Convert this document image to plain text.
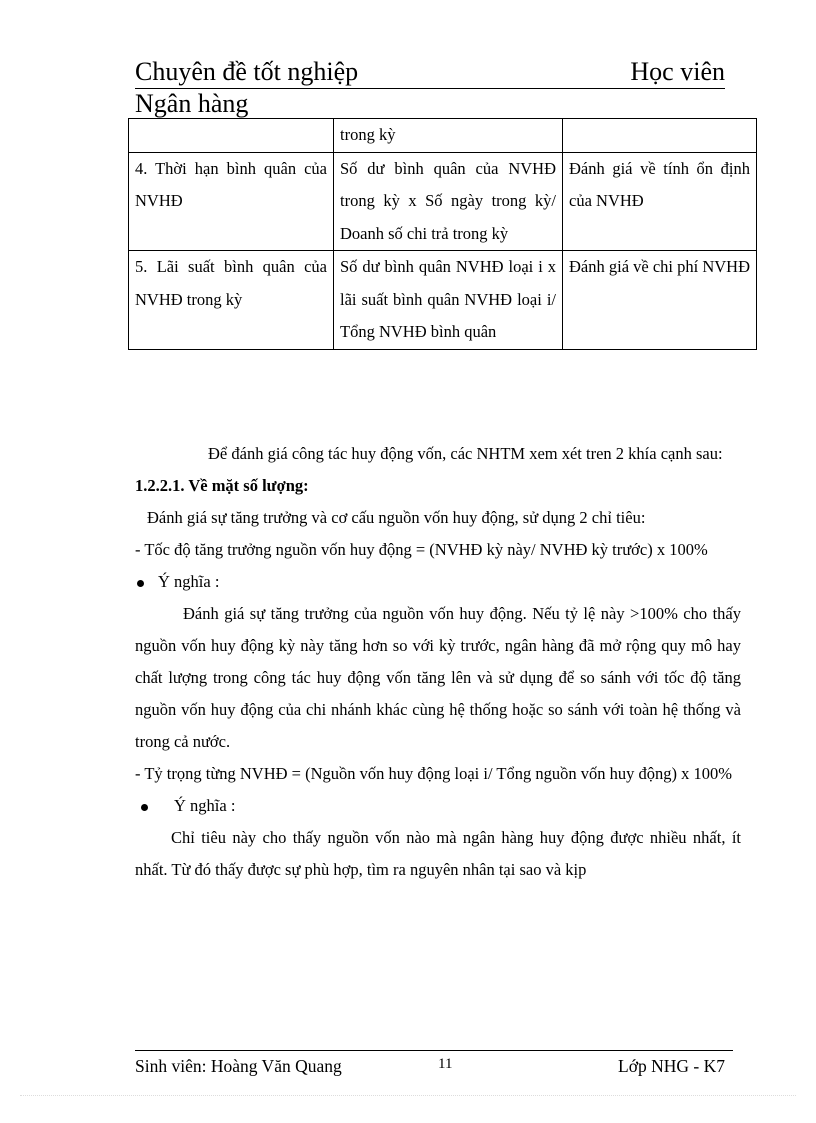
Chuyên đề tốt nghiệp	Học viên
Ngân hàng
	trong kỳ	
4. Thời hạn bình quân của NVHĐ	Số dư bình quân của NVHĐ trong kỳ x Số ngày trong kỳ/ Doanh số chi trả trong kỳ	Đánh giá về tính ổn định của NVHĐ
5. Lãi suất bình quân của NVHĐ trong kỳ	Số dư bình quân NVHĐ loại i x lãi suất bình quân NVHĐ loại i/ Tổng NVHĐ bình quân	Đánh giá về chi phí NVHĐ

Để đánh giá công tác huy động vốn, các NHTM xem xét tren 2 khía cạnh sau:

1.2.2.1. Về mặt số lượng:

Đánh giá sự tăng trưởng và cơ cấu nguồn vốn huy động, sử dụng 2 chỉ tiêu:

- Tốc độ tăng trưởng nguồn vốn huy động = (NVHĐ kỳ này/ NVHĐ kỳ trước) x 100%

Ý nghĩa :

Đánh giá sự tăng trưởng của nguồn vốn huy động. Nếu tỷ lệ này >100% cho thấy nguồn vốn huy động kỳ này tăng hơn so với kỳ trước, ngân hàng đã mở rộng quy mô hay chất lượng trong công tác huy động vốn tăng lên và sử dụng để so sánh với tốc độ tăng nguồn vốn huy động của chi nhánh khác cùng hệ thống hoặc so sánh với toàn hệ thống và trong cả nước.

- Tỷ trọng từng NVHĐ = (Nguồn vốn huy động loại i/ Tổng nguồn vốn huy động) x 100%

Ý nghĩa :

Chỉ tiêu này cho thấy nguồn vốn nào mà ngân hàng huy động được nhiều nhất, ít nhất. Từ đó thấy được sự phù hợp, tìm ra nguyên nhân tại sao và kịp

Sinh viên: Hoàng Văn Quang	11	Lớp NHG - K7
